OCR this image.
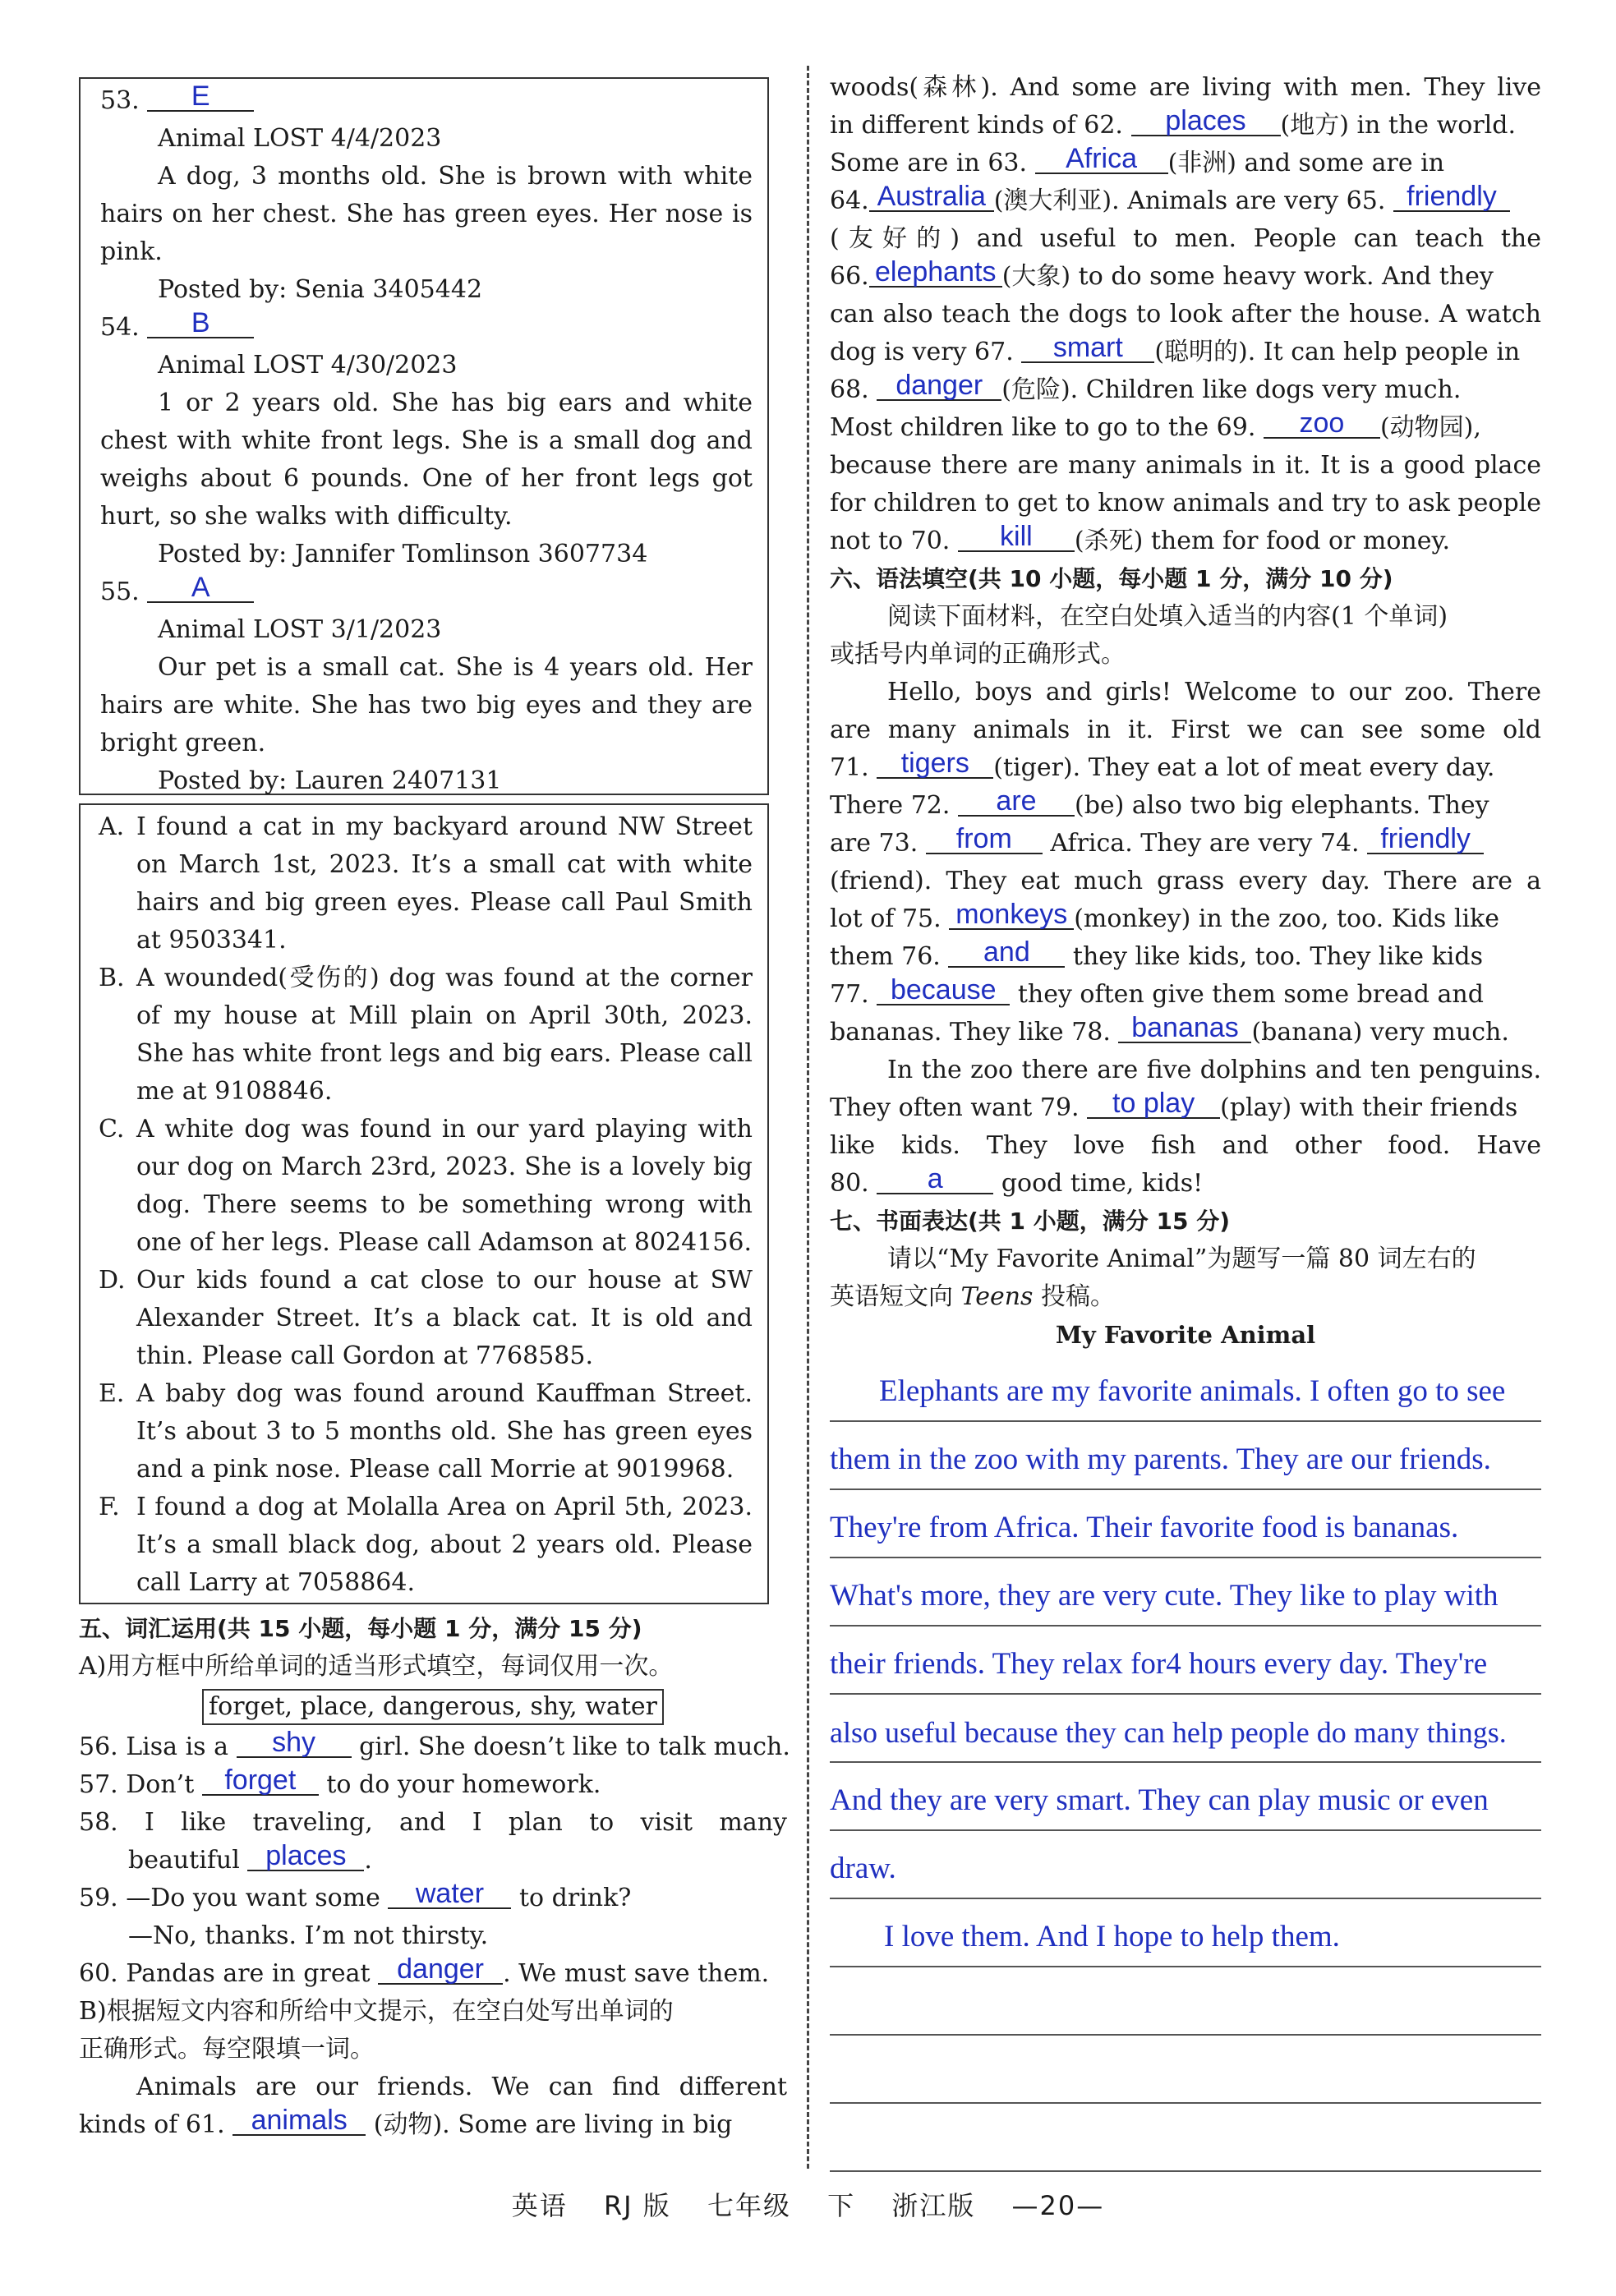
53. E
Animal LOST 4/4/2023
A dog, 3 months old. She is brown with white
hairs on her chest. She has green eyes. Her nose is
pink.
Posted by: Senia 3405442
54. B
Animal LOST 4/30/2023
1 or 2 years old. She has big ears and white
chest with white front legs. She is a small dog and
weighs about 6 pounds. One of her front legs got
hurt, so she walks with difficulty.
Posted by: Jannifer Tomlinson 3607734
55. A
Animal LOST 3/1/2023
Our pet is a small cat. She is 4 years old. Her
hairs are white. She has two big eyes and they are
bright green.
Posted by: Lauren 2407131
A. I found a cat in my backyard around NW Street
on March 1st, 2023. It’s a small cat with white
hairs and big green eyes. Please call Paul Smith
at 9503341.
B. A wounded(受伤的) dog was found at the corner
of my house at Mill plain on April 30th, 2023.
She has white front legs and big ears. Please call
me at 9108846.
C. A white dog was found in our yard playing with
our dog on March 23rd, 2023. She is a lovely big
dog. There seems to be something wrong with
one of her legs. Please call Adamson at 8024156.
D. Our kids found a cat close to our house at SW
Alexander Street. It’s a black cat. It is old and
thin. Please call Gordon at 7768585.
E. A baby dog was found around Kauffman Street.
It’s about 3 to 5 months old. She has green eyes
and a pink nose. Please call Morrie at 9019968.
F. I found a dog at Molalla Area on April 5th, 2023.
It’s a small black dog, about 2 years old. Please
call Larry at 7058864.
五、词汇运用(共 15 小题，每小题 1 分，满分 15 分)
A)用方框中所给单词的适当形式填空，每词仅用一次。
forget, place, dangerous, shy, water
56. Lisa is a shy girl. She doesn’t like to talk much.
57. Don’t forget to do your homework.
58. I like traveling, and I plan to visit many
beautiful places .
59. —Do you want some water to drink?
—No, thanks. I’m not thirsty.
60. Pandas are in great danger . We must save them.
B)根据短文内容和所给中文提示，在空白处写出单词的
正确形式。每空限填一词。
Animals are our friends. We can find different
kinds of 61. animals (动物). Some are living in big
woods(森林). And some are living with men. They live
in different kinds of 62. places (地方) in the world.
Some are in 63. Africa (非洲) and some are in
64. Australia (澳大利亚). Animals are very 65. friendly
(友好的) and useful to men. People can teach the
66. elephants (大象) to do some heavy work. And they
can also teach the dogs to look after the house. A watch
dog is very 67. smart (聪明的). It can help people in
68. danger (危险). Children like dogs very much.
Most children like to go to the 69. zoo (动物园),
because there are many animals in it. It is a good place
for children to get to know animals and try to ask people
not to 70. kill (杀死) them for food or money.
六、语法填空(共 10 小题，每小题 1 分，满分 10 分)
阅读下面材料，在空白处填入适当的内容(1 个单词)
或括号内单词的正确形式。
Hello, boys and girls! Welcome to our zoo. There
are many animals in it. First we can see some old
71. tigers (tiger). They eat a lot of meat every day.
There 72. are (be) also two big elephants. They
are 73. from Africa. They are very 74. friendly
(friend). They eat much grass every day. There are a
lot of 75. monkeys (monkey) in the zoo, too. Kids like
them 76. and they like kids, too. They like kids
77. because they often give them some bread and
bananas. They like 78. bananas (banana) very much.
In the zoo there are five dolphins and ten penguins.
They often want 79. to play (play) with their friends
like kids. They love fish and other food. Have
80. a good time, kids!
七、书面表达(共 1 小题，满分 15 分)
请以“My Favorite Animal”为题写一篇 80 词左右的
英语短文向 Teens 投稿。
My Favorite Animal
Elephants are my favorite animals. I often go to see
them in the zoo with my parents. They are our friends.
They're from Africa. Their favorite food is bananas.
What's more, they are very cute. They like to play with
their friends. They relax for4 hours every day. They're
also useful because they can help people do many things.
And they are very smart. They can play music or even
draw.
I love them. And I hope to help them.
英语 RJ 版 七年级 下 浙江版 —20—
